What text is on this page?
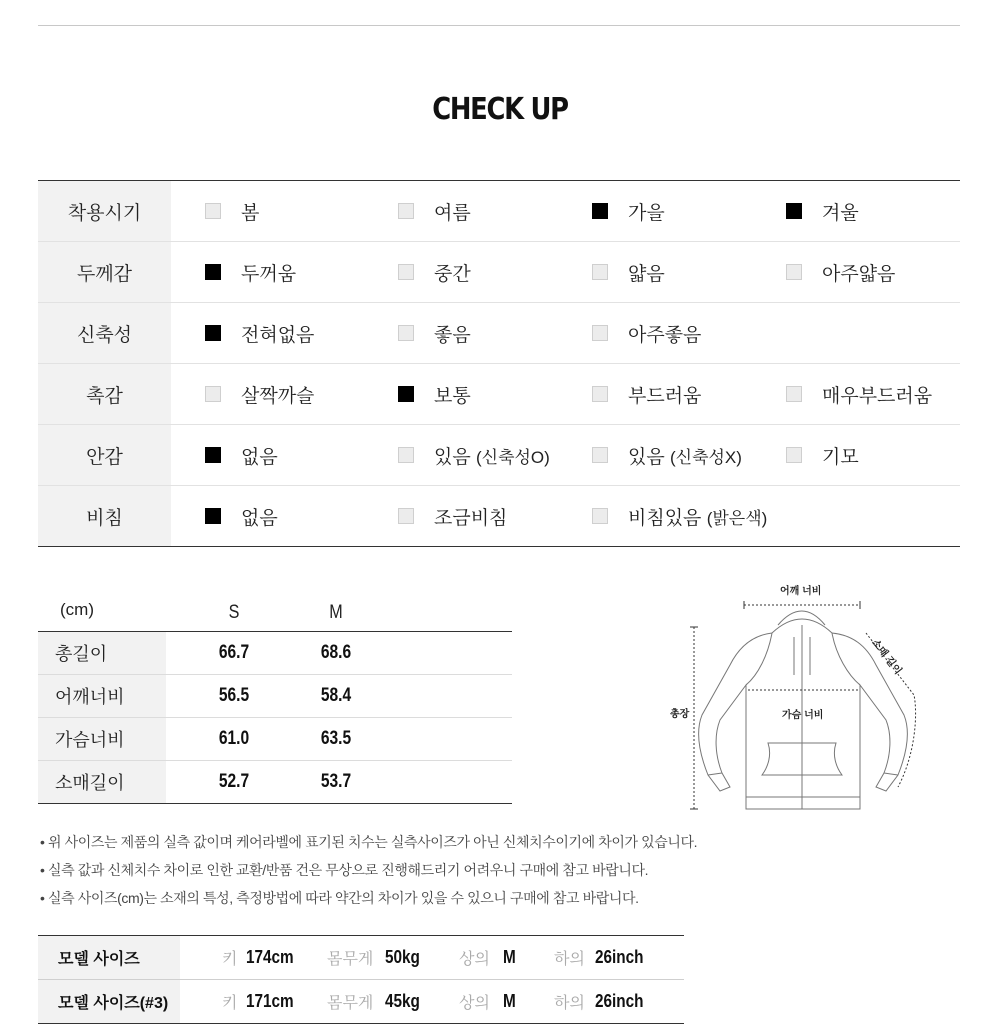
CHECK UP
착용시기	봄	여름	가을	겨울
두께감	두꺼움	중간	얇음	아주얇음
신축성	전혀없음	좋음	아주좋음
촉감	살짝까슬	보통	부드러움	매우부드러움
안감	없음	있음 (신축성O)	있음 (신축성X)	기모
비침	없음	조금비침	비침있음 (밝은색)
(cm)	S	M
총길이	66.7	68.6
어깨너비	56.5	58.4
가슴너비	61.0	63.5
소매길이	52.7	53.7
어깨 너비
소매 길이
총장	가슴 너비
• 위 사이즈는 제품의 실측 값이며 케어라벨에 표기된 치수는 실측사이즈가 아닌 신체치수이기에 차이가 있습니다.
• 실측 값과 신체치수 차이로 인한 교환/반품 건은 무상으로 진행해드리기 어려우니 구매에 참고 바랍니다.
• 실측 사이즈(cm)는 소재의 특성, 측정방법에 따라 약간의 차이가 있을 수 있으니 구매에 참고 바랍니다.
모델 사이즈	키 174cm 몸무게 50kg 상의 M 하의 26inch
모델 사이즈(#3)	키 171cm 몸무게 45kg 상의 M 하의 26inch
